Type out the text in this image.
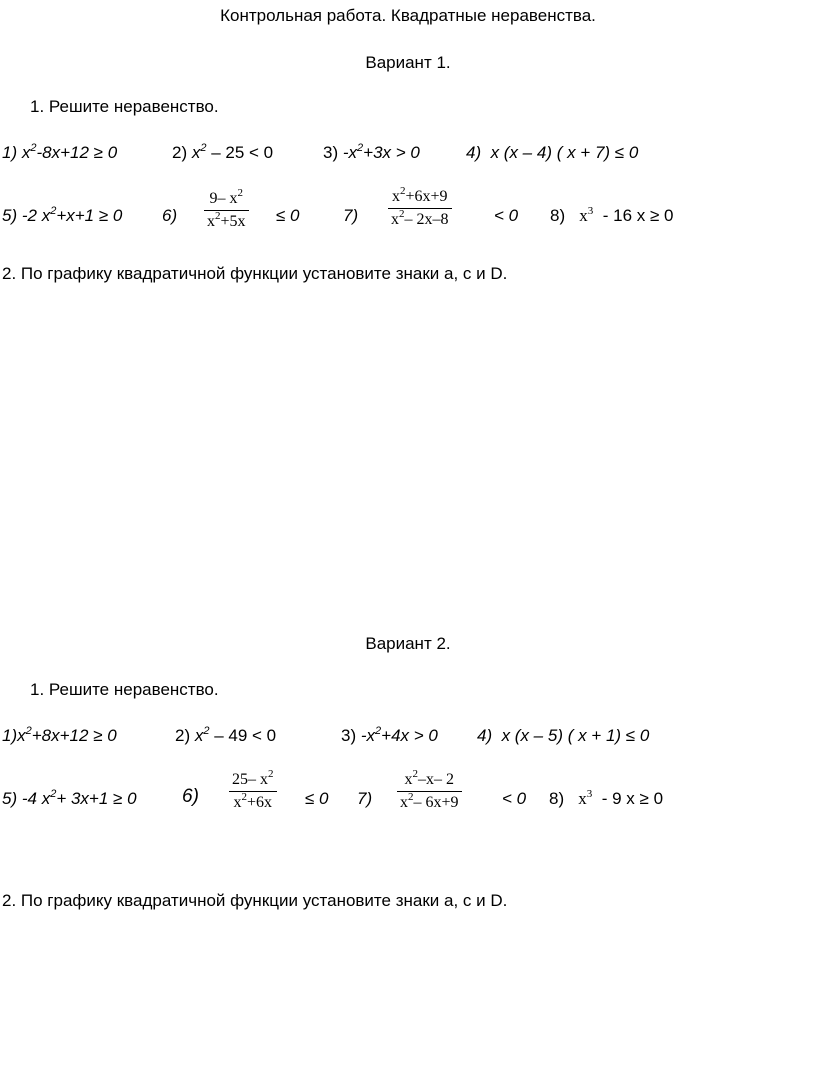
Контрольная работа. Квадратные неравенства.
Вариант 1.
1. Решите неравенство.
1) $x^2-8x+12 \ge 0$	2) $x^2 - 25 < 0$	3) $-x^2+3x > 0$	4) x (x – 4) ( x + 7) ≤ 0
5) -2 $x^2+x+1 \ge 0$ 6)
9– $x^2$
$x^2+5x \le 0$	7)
$x^2+6x+9$
$x^2-$ 2x–8	< 0 8) $x^3 - 16$ x ≥ 0
2. По графику квадратичной функции установите знаки а, с и D.
Вариант 2.
1. Решите неравенство.
$1)x^2+8x+12 \ge 0$	2) $x^2 - 49 < 0$	3) $-x^2+4x > 0$ 4) x (x – 5) ( x + 1) ≤ 0
5) -4 $x^2+ 3x+1 \ge 0$ 6)
25– $x^2$
$x^2+6x \le 0$ 7)
$x^2-x-$ 2
$x^2-$ 6x+9	< 0 8) $x^3 - 9$ x ≥ 0
2. По графику квадратичной функции установите знаки а, с и D.
